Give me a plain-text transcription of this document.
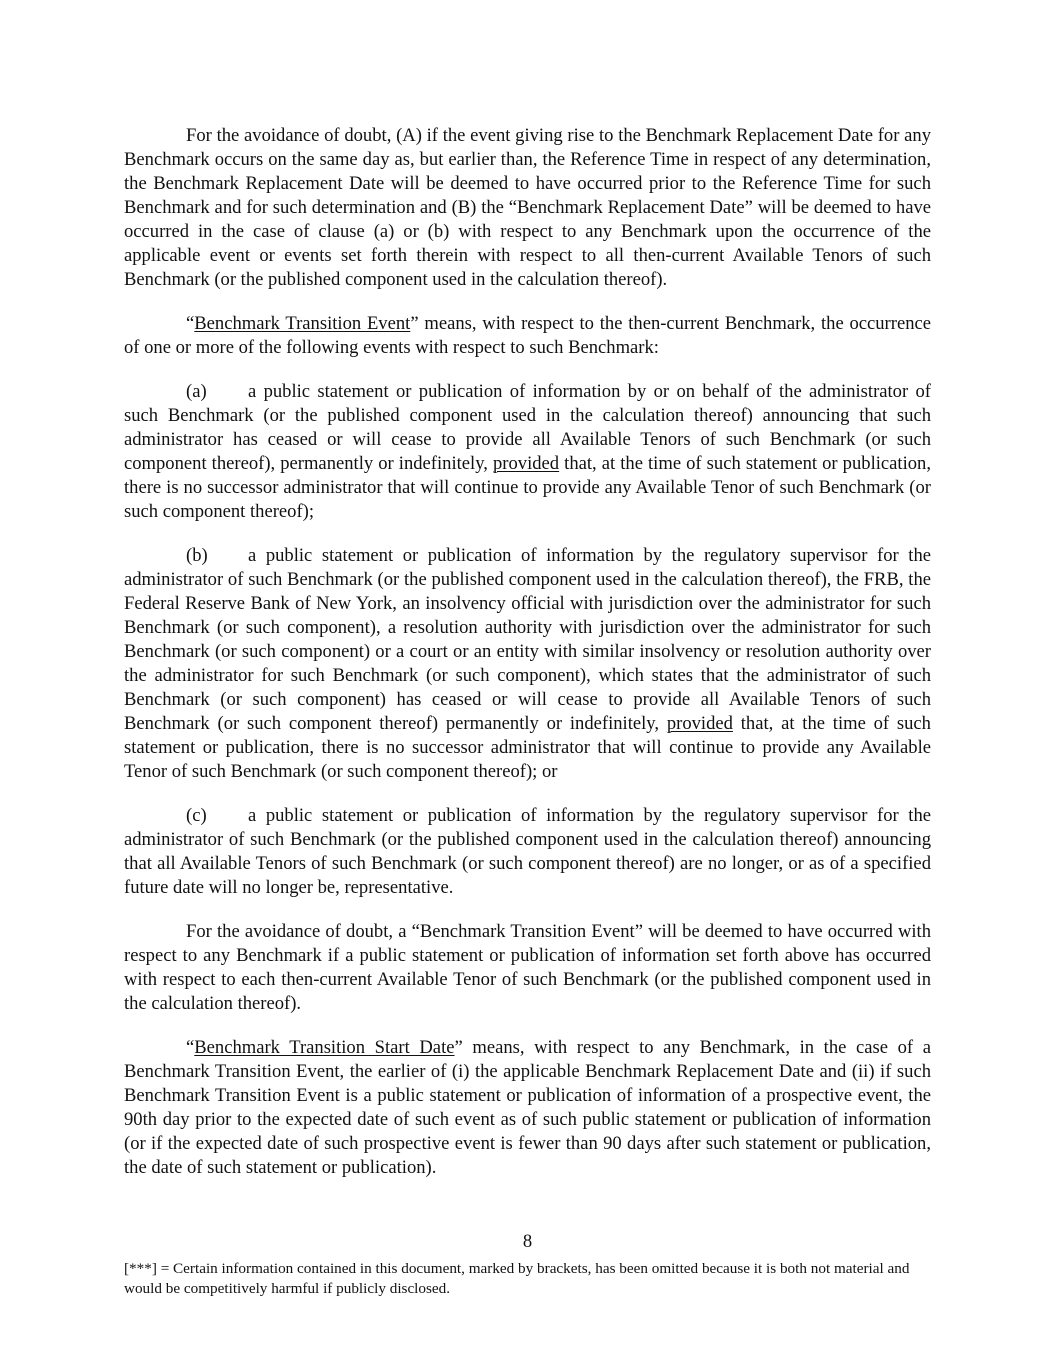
For the avoidance of doubt, (A) if the event giving rise to the Benchmark Replacement Date for any Benchmark occurs on the same day as, but earlier than, the Reference Time in respect of any determination, the Benchmark Replacement Date will be deemed to have occurred prior to the Reference Time for such Benchmark and for such determination and (B) the “Benchmark Replacement Date” will be deemed to have occurred in the case of clause (a) or (b) with respect to any Benchmark upon the occurrence of the applicable event or events set forth therein with respect to all then-current Available Tenors of such Benchmark (or the published component used in the calculation thereof).

“Benchmark Transition Event” means, with respect to the then-current Benchmark, the occurrence of one or more of the following events with respect to such Benchmark:

(a) a public statement or publication of information by or on behalf of the administrator of such Benchmark (or the published component used in the calculation thereof) announcing that such administrator has ceased or will cease to provide all Available Tenors of such Benchmark (or such component thereof), permanently or indefinitely, provided that, at the time of such statement or publication, there is no successor administrator that will continue to provide any Available Tenor of such Benchmark (or such component thereof);

(b) a public statement or publication of information by the regulatory supervisor for the administrator of such Benchmark (or the published component used in the calculation thereof), the FRB, the Federal Reserve Bank of New York, an insolvency official with jurisdiction over the administrator for such Benchmark (or such component), a resolution authority with jurisdiction over the administrator for such Benchmark (or such component) or a court or an entity with similar insolvency or resolution authority over the administrator for such Benchmark (or such component), which states that the administrator of such Benchmark (or such component) has ceased or will cease to provide all Available Tenors of such Benchmark (or such component thereof) permanently or indefinitely, provided that, at the time of such statement or publication, there is no successor administrator that will continue to provide any Available Tenor of such Benchmark (or such component thereof); or

(c) a public statement or publication of information by the regulatory supervisor for the administrator of such Benchmark (or the published component used in the calculation thereof) announcing that all Available Tenors of such Benchmark (or such component thereof) are no longer, or as of a specified future date will no longer be, representative.

For the avoidance of doubt, a “Benchmark Transition Event” will be deemed to have occurred with respect to any Benchmark if a public statement or publication of information set forth above has occurred with respect to each then-current Available Tenor of such Benchmark (or the published component used in the calculation thereof).

“Benchmark Transition Start Date” means, with respect to any Benchmark, in the case of a Benchmark Transition Event, the earlier of (i) the applicable Benchmark Replacement Date and (ii) if such Benchmark Transition Event is a public statement or publication of information of a prospective event, the 90th day prior to the expected date of such event as of such public statement or publication of information (or if the expected date of such prospective event is fewer than 90 days after such statement or publication, the date of such statement or publication).

8
[***] = Certain information contained in this document, marked by brackets, has been omitted because it is both not material and would be competitively harmful if publicly disclosed.
